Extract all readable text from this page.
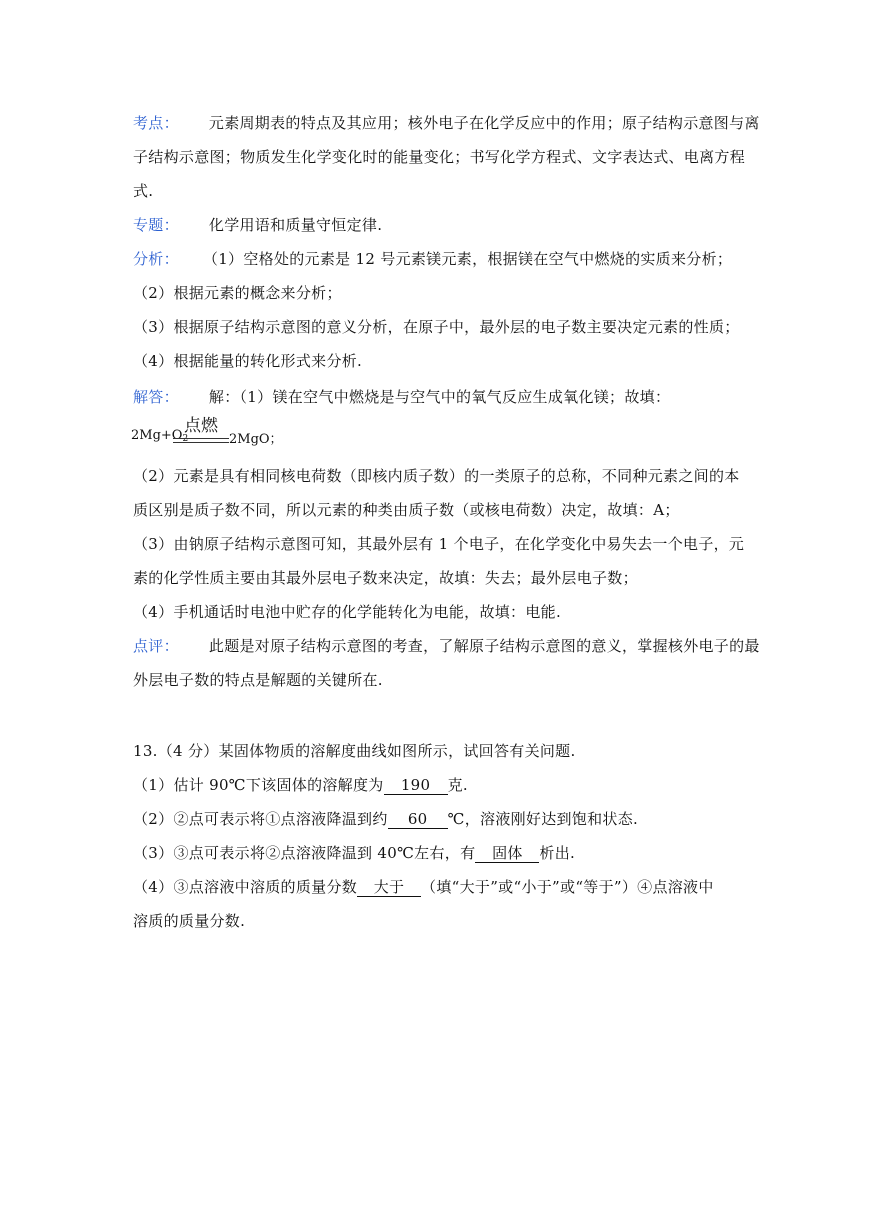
考点： 元素周期表的特点及其应用；核外电子在化学反应中的作用；原子结构示意图与离
子结构示意图；物质发生化学变化时的能量变化；书写化学方程式、文字表达式、电离方程
式.
专题： 化学用语和质量守恒定律.
分析： （1）空格处的元素是 12 号元素镁元素，根据镁在空气中燃烧的实质来分析；
（2）根据元素的概念来分析；
（3）根据原子结构示意图的意义分析，在原子中，最外层的电子数主要决定元素的性质；
（4）根据能量的转化形式来分析.
解答： 解：（1）镁在空气中燃烧是与空气中的氧气反应生成氧化镁；故填：
$2Mg+O_2$
点燃
2MgO；
（2）元素是具有相同核电荷数（即核内质子数）的一类原子的总称，不同种元素之间的本
质区别是质子数不同，所以元素的种类由质子数（或核电荷数）决定，故填：A；
（3）由钠原子结构示意图可知，其最外层有 1 个电子，在化学变化中易失去一个电子，元
素的化学性质主要由其最外层电子数来决定，故填：失去；最外层电子数；
（4）手机通话时电池中贮存的化学能转化为电能，故填：电能.
点评： 此题是对原子结构示意图的考查，了解原子结构示意图的意义，掌握核外电子的最
外层电子数的特点是解题的关键所在.
13.（4 分）某固体物质的溶解度曲线如图所示，试回答有关问题.
（1）估计 90℃下该固体的溶解度为 190 克.
（2）②点可表示将①点溶液降温到约 60 ℃，溶液刚好达到饱和状态.
（3）③点可表示将②点溶液降温到 40℃左右，有 固体 析出.
（4）③点溶液中溶质的质量分数 大于 （填“大于”或“小于”或“等于”）④点溶液中
溶质的质量分数.
